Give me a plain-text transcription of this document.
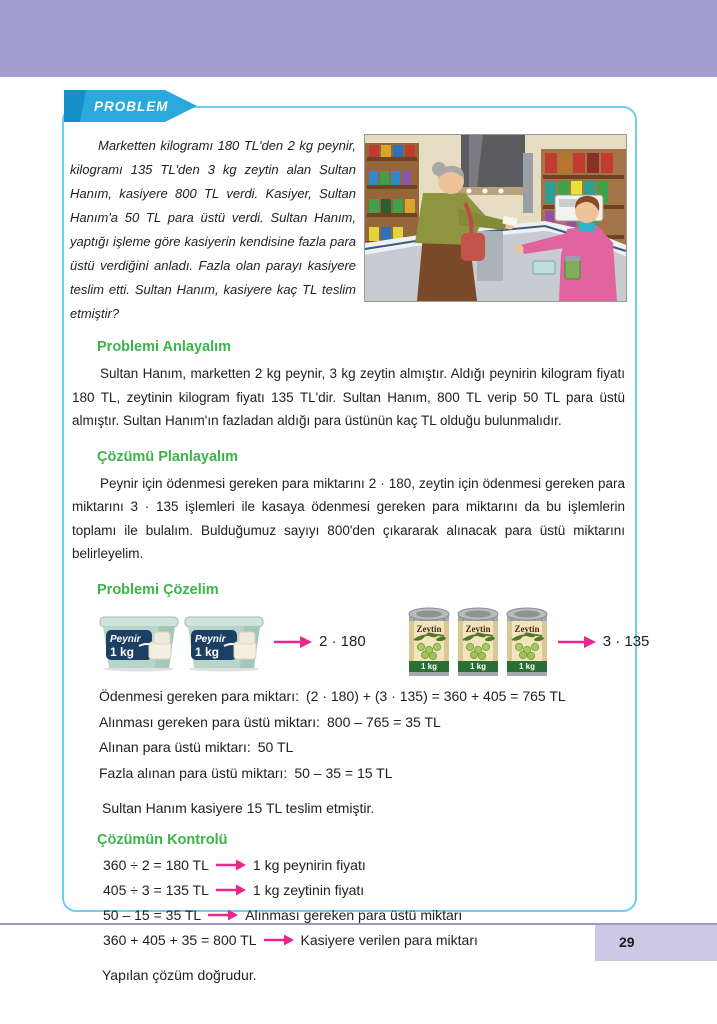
Marketten kilogramı 180 TL'den 2 kg peynir, kilogramı 135 TL'den 3 kg zeytin alan Sultan Hanım, kasiyere 800 TL verdi. Kasiyer, Sultan Hanım'a 50 TL para üstü verdi. Sultan Hanım, yaptığı işleme göre kasiyerin kendisine fazla para üstü verdiğini anladı. Fazla olan parayı kasiyere teslim etti. Sultan Hanım, kasiyere kaç TL teslim etmiştir?

Problemi Anlayalım

Sultan Hanım, marketten 2 kg peynir, 3 kg zeytin almıştır. Aldığı peynirin kilogram fiyatı 180 TL, zeytinin kilogram fiyatı 135 TL'dir. Sultan Hanım, 800 TL verip 50 TL para üstü almıştır. Sultan Hanım'ın fazladan aldığı para üstünün kaç TL olduğu bulunmalıdır.

Çözümü Planlayalım

Peynir için ödenmesi gereken para miktarını 2 · 180, zeytin için ödenmesi gereken para miktarını 3 · 135 işlemleri ile kasaya ödenmesi gereken para miktarını da bu işlemlerin toplamı ile bulalım. Bulduğumuz sayıyı 800'den çıkararak alınacak para üstü miktarını belirleyelim.

Problemi Çözelim
Peynir
1 kg
Peynir
1 kg
2 · 180
Zeytin
1 kg
Zeytin
1 kg
Zeytin
1 kg
3 · 135
Ödenmesi gereken para miktarı: (2 · 180) + (3 · 135) = 360 + 405 = 765 TL
Alınması gereken para üstü miktarı: 800 – 765 = 35 TL
Alınan para üstü miktarı: 50 TL
Fazla alınan para üstü miktarı: 50 – 35 = 15 TL

Sultan Hanım kasiyere 15 TL teslim etmiştir.

Çözümün Kontrolü
360 ÷ 2 = 180 TL	1 kg peynirin fiyatı
405 ÷ 3 = 135 TL	1 kg zeytinin fiyatı
50 – 15 = 35 TL	Alınması gereken para üstü miktarı
360 + 405 + 35 = 800 TL	Kasiyere verilen para miktarı

Yapılan çözüm doğrudur.

PROBLEM
29
